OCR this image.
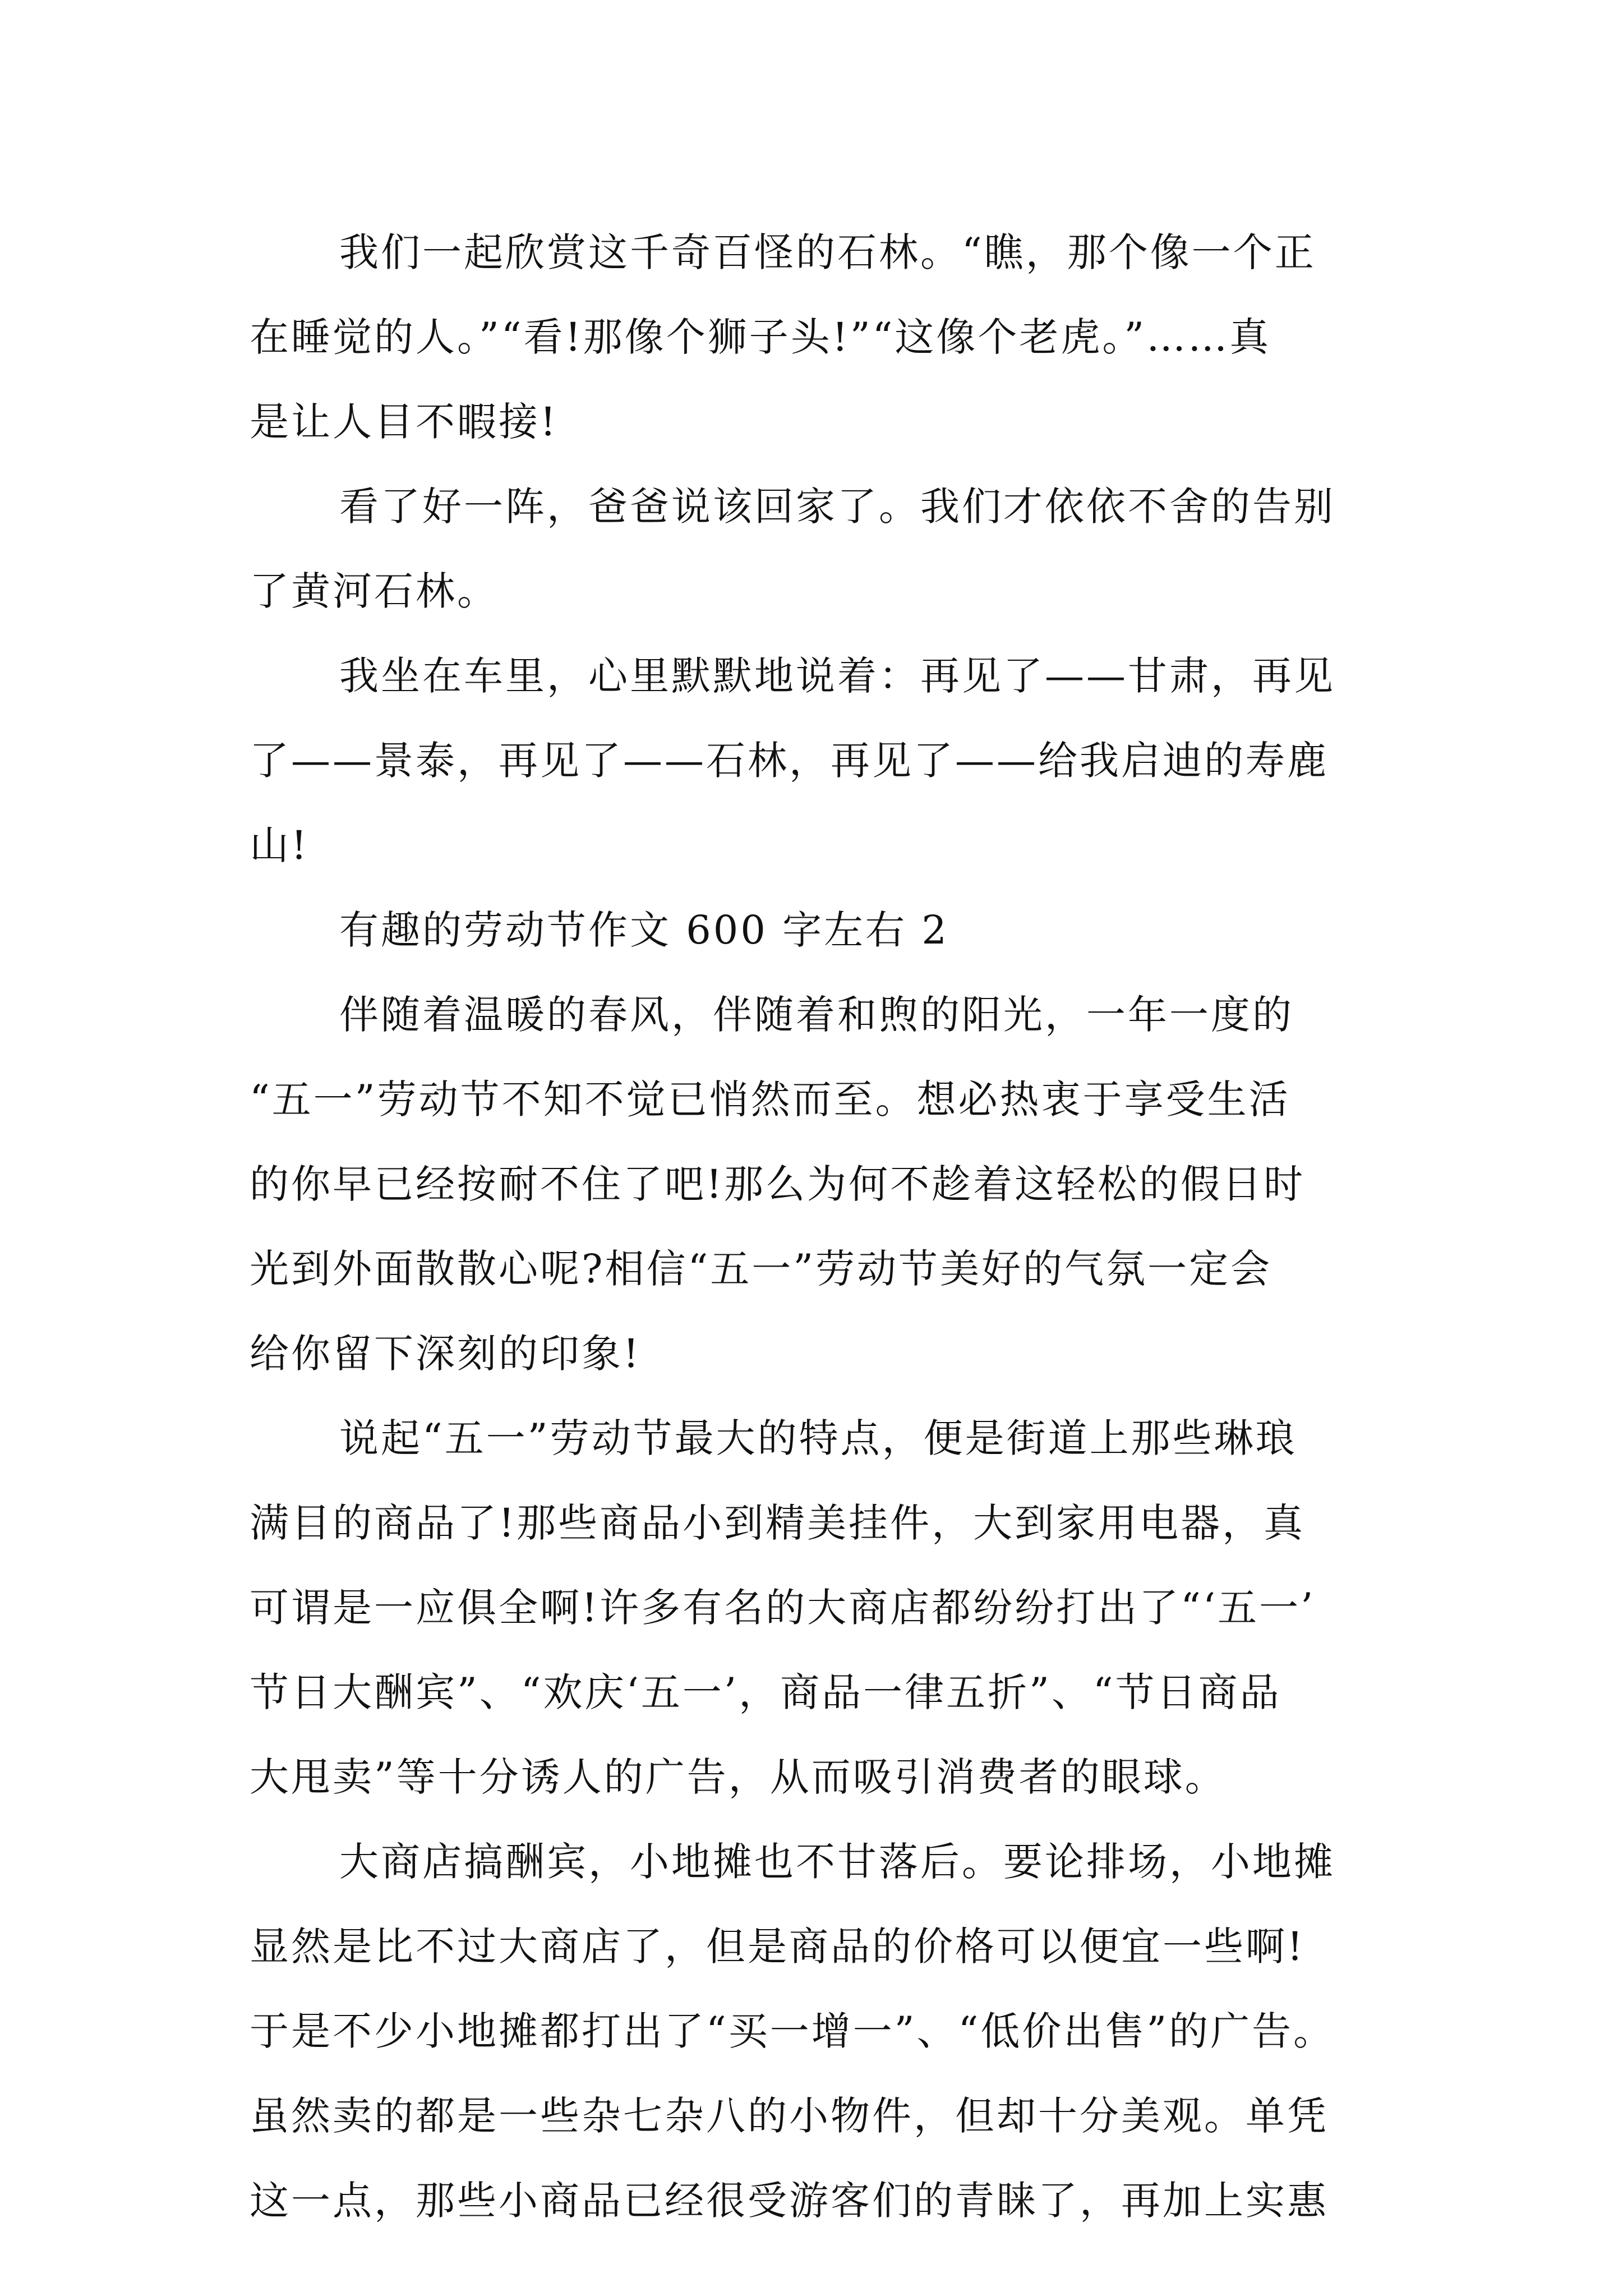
我们一起欣赏这千奇百怪的石林。“瞧，那个像一个正
在睡觉的人。”“看!那像个狮子头!”“这像个老虎。”……真
是让人目不暇接!
看了好一阵，爸爸说该回家了。我们才依依不舍的告别
了黄河石林。
我坐在车里，心里默默地说着：再见了——甘肃，再见
了——景泰，再见了——石林，再见了——给我启迪的寿鹿
山!
有趣的劳动节作文 600 字左右 2
伴随着温暖的春风，伴随着和煦的阳光，一年一度的
“五一”劳动节不知不觉已悄然而至。想必热衷于享受生活
的你早已经按耐不住了吧!那么为何不趁着这轻松的假日时
光到外面散散心呢?相信“五一”劳动节美好的气氛一定会
给你留下深刻的印象!
说起“五一”劳动节最大的特点，便是街道上那些琳琅
满目的商品了!那些商品小到精美挂件，大到家用电器，真
可谓是一应俱全啊!许多有名的大商店都纷纷打出了“‘五一’
节日大酬宾”、“欢庆‘五一’，商品一律五折”、“节日商品
大甩卖”等十分诱人的广告，从而吸引消费者的眼球。
大商店搞酬宾，小地摊也不甘落后。要论排场，小地摊
显然是比不过大商店了，但是商品的价格可以便宜一些啊!
于是不少小地摊都打出了“买一增一”、“低价出售”的广告。
虽然卖的都是一些杂七杂八的小物件，但却十分美观。单凭
这一点，那些小商品已经很受游客们的青睐了，再加上实惠
